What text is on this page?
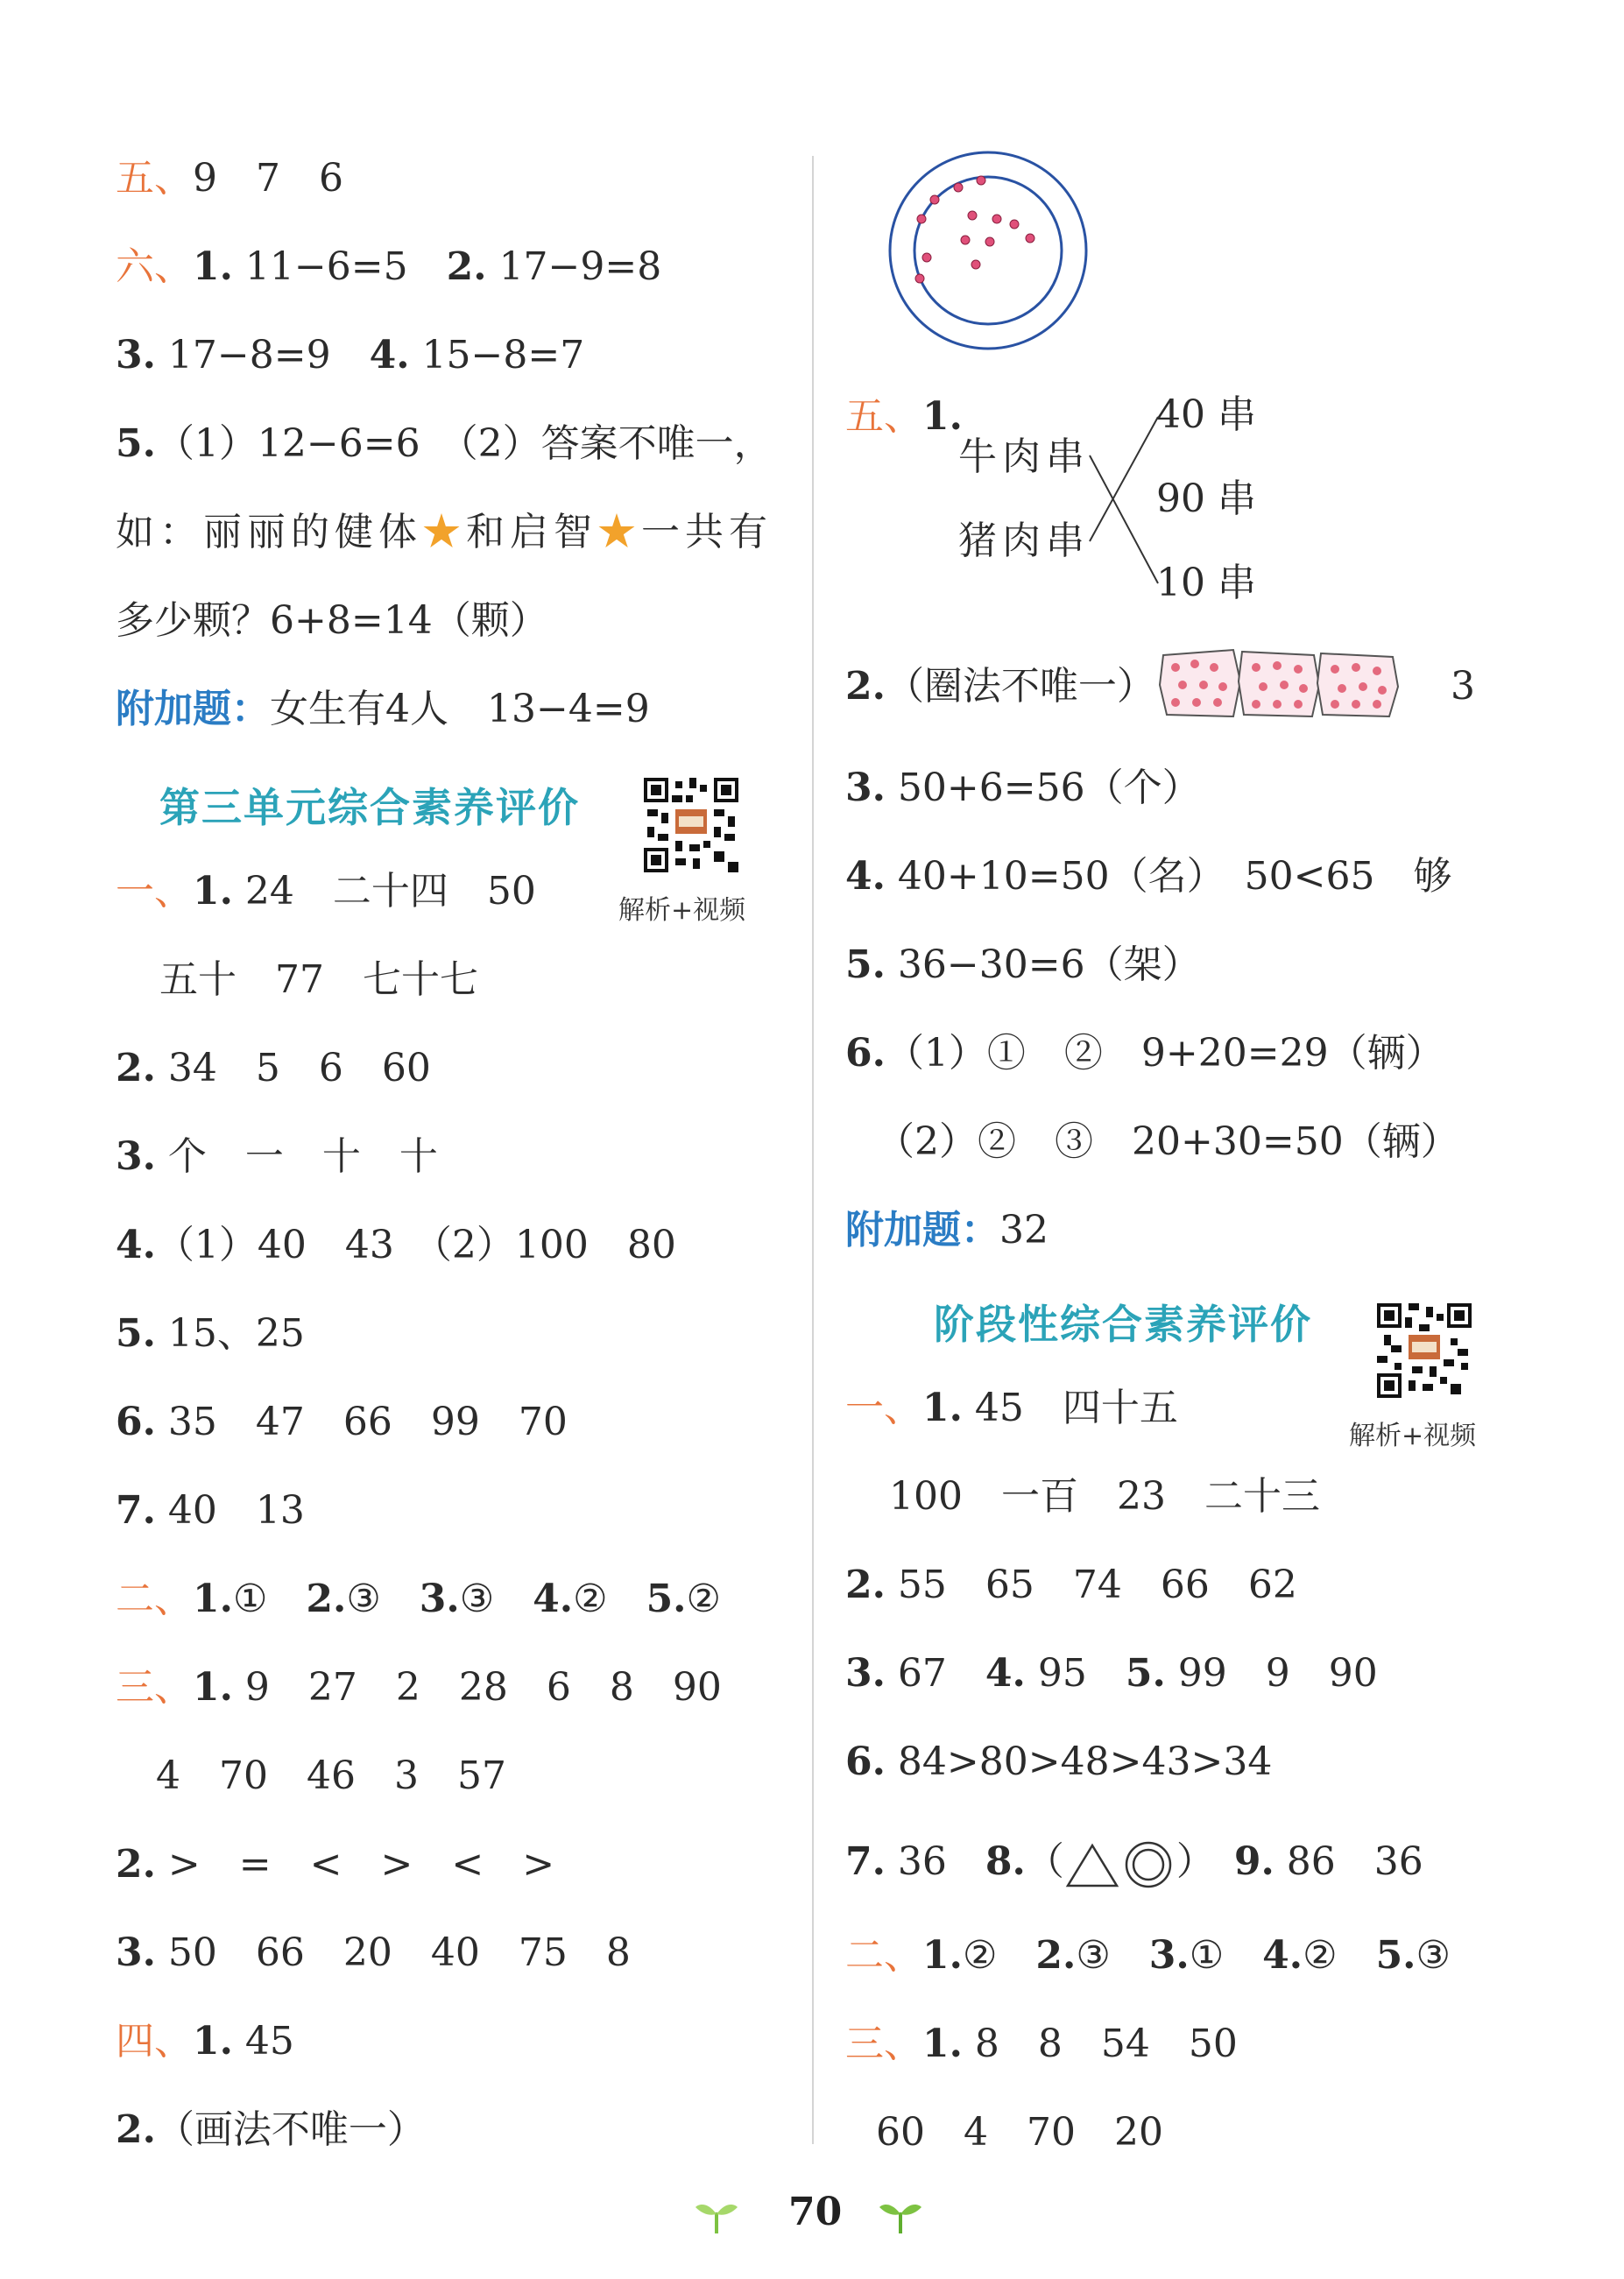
五、9　7　6
六、1. 11−6=5　2. 17−9=8
3. 17−8=9　4. 15−8=7
5.（1）12−6=6　（2）答案不唯一，
如：丽丽的健体★和启智★一共有
多少颗？6+8=14（颗）
附加题：女生有4人　13−4=9
第三单元综合素养评价
解析+视频
一、1. 24　二十四　50
五十　77　七十七
2. 34　5　6　60
3. 个　一　十　十
4.（1）40　43　（2）100　80
5. 15、25
6. 35　47　66　99　70
7. 40　13
二、1.①　2.③　3.③　4.②　5.②
三、1. 9　27　2　28　6　8　90
4　70　46　3　57
2. >　=　<　>　<　>
3. 50　66　20　40　75　8
四、1. 45
2.（画法不唯一）
五、1.
牛肉串
猪肉串
40 串
90 串
10 串
2.（圈法不唯一）	3
3. 50+6=56（个）
4. 40+10=50（名）　50<65　够
5. 36−30=6（架）
6.（1）①　②　9+20=29（辆）
（2）②　③　20+30=50（辆）
附加题：32
阶段性综合素养评价
解析+视频
一、1. 45　四十五
100　一百　23　二十三
2. 55　65　74　66　62
3. 67　4. 95　5. 99　9　90
6. 84>80>48>43>34
7. 36　8.（	）　9. 86　36
二、1.②　2.③　3.①　4.②　5.③
三、1. 8　8　54　50
60　4　70　20
70
